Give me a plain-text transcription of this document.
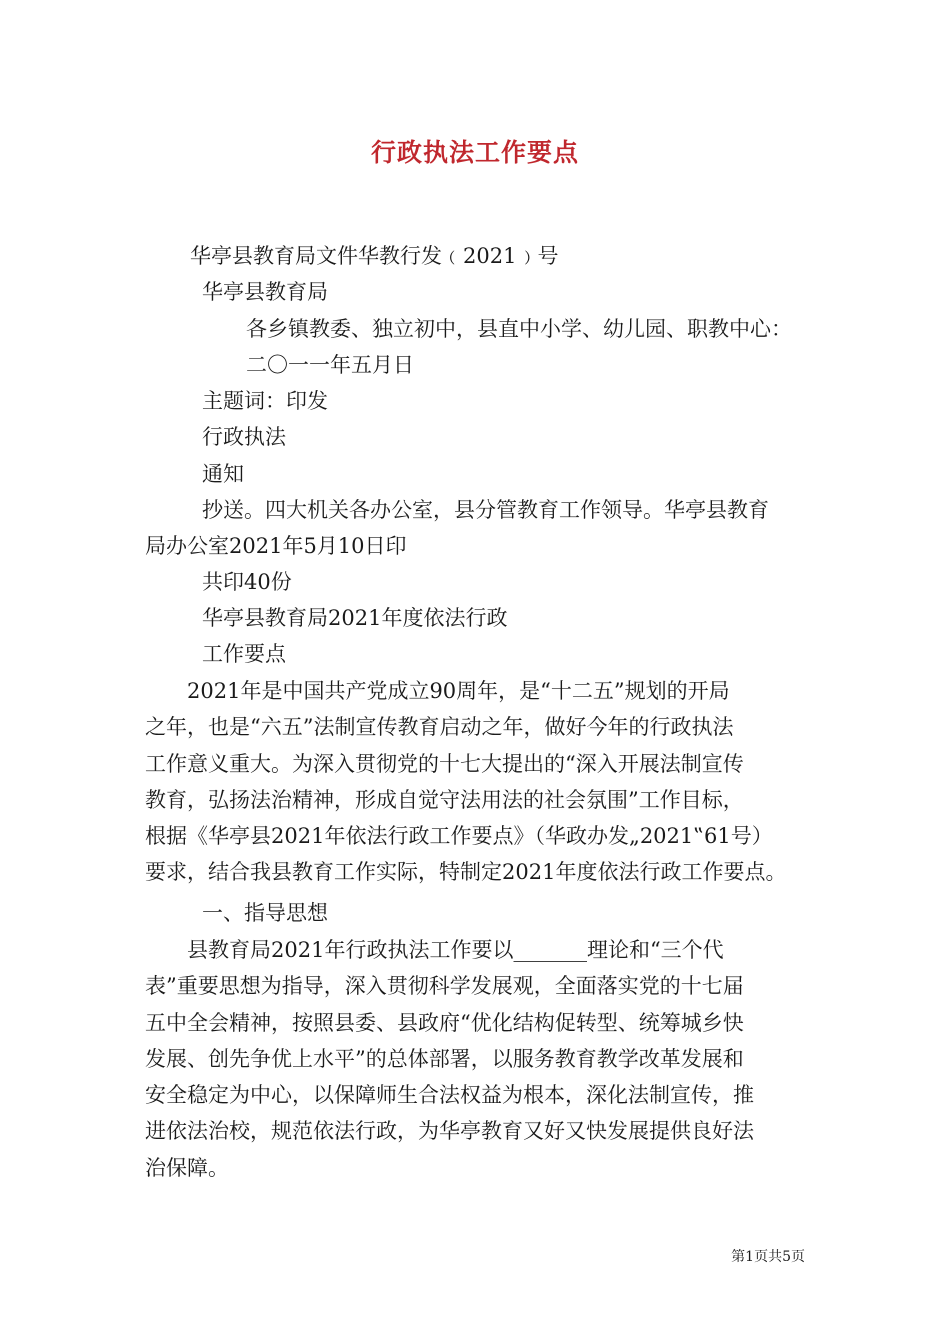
行政执法工作要点
华亭县教育局文件华教行发﹙2021﹚号
华亭县教育局
各乡镇教委、独立初中，县直中小学、幼儿园、职教中心：
二〇一一年五月日
主题词：印发
行政执法
通知
抄送。四大机关各办公室，县分管教育工作领导。华亭县教育
局办公室2021年5月10日印
共印40份
华亭县教育局2021年度依法行政
工作要点
　　2021年是中国共产党成立90周年，是“十二五”规划的开局
之年，也是“六五”法制宣传教育启动之年，做好今年的行政执法
工作意义重大。为深入贯彻党的十七大提出的“深入开展法制宣传
教育，弘扬法治精神，形成自觉守法用法的社会氛围”工作目标，
根据《华亭县2021年依法行政工作要点》（华政办发„2021‟61号）
要求，结合我县教育工作实际，特制定2021年度依法行政工作要点。
一、指导思想
　　县教育局2021年行政执法工作要以_______理论和“三个代
表”重要思想为指导，深入贯彻科学发展观，全面落实党的十七届
五中全会精神，按照县委、县政府“优化结构促转型、统筹城乡快
发展、创先争优上水平”的总体部署，以服务教育教学改革发展和
安全稳定为中心，以保障师生合法权益为根本，深化法制宣传，推
进依法治校，规范依法行政，为华亭教育又好又快发展提供良好法
治保障。
第1页共5页
